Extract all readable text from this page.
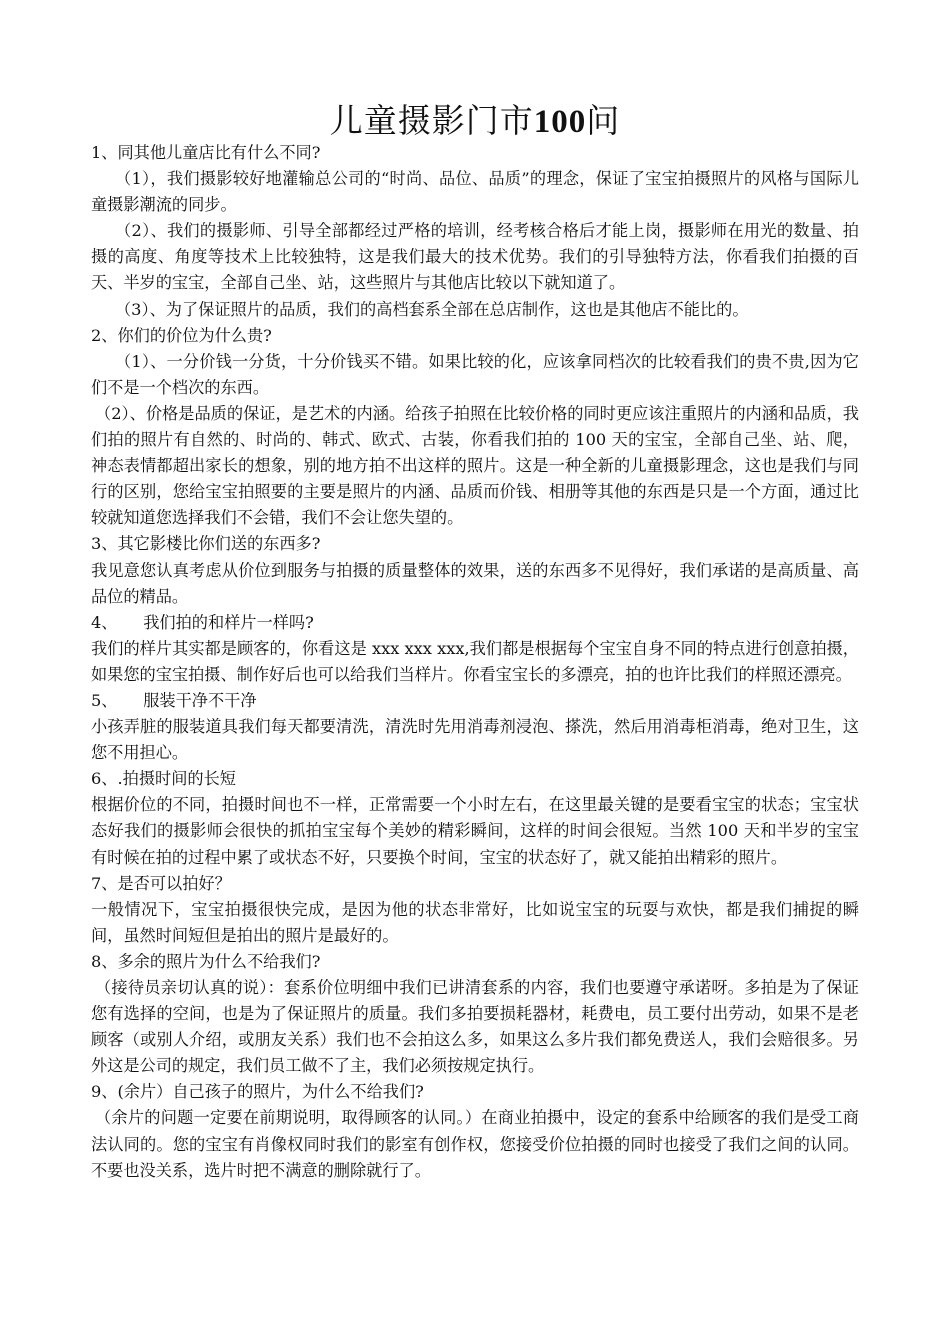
儿童摄影门市100问

1、同其他儿童店比有什么不同?

（1），我们摄影较好地灌输总公司的“时尚、品位、品质”的理念，保证了宝宝拍摄照片的风格与国际儿童摄影潮流的同步。

（2）、我们的摄影师、引导全部都经过严格的培训，经考核合格后才能上岗，摄影师在用光的数量、拍摄的高度、角度等技术上比较独特，这是我们最大的技术优势。我们的引导独特方法，你看我们拍摄的百天、半岁的宝宝，全部自己坐、站，这些照片与其他店比较以下就知道了。

（3）、为了保证照片的品质，我们的高档套系全部在总店制作，这也是其他店不能比的。

2、你们的价位为什么贵?

（1）、一分价钱一分货，十分价钱买不错。如果比较的化，应该拿同档次的比较看我们的贵不贵,因为它们不是一个档次的东西。

（2）、价格是品质的保证，是艺术的内涵。给孩子拍照在比较价格的同时更应该注重照片的内涵和品质，我们拍的照片有自然的、时尚的、韩式、欧式、古装，你看我们拍的 100 天的宝宝，全部自己坐、站、爬，神态表情都超出家长的想象，别的地方拍不出这样的照片。这是一种全新的儿童摄影理念，这也是我们与同行的区别，您给宝宝拍照要的主要是照片的内涵、品质而价钱、相册等其他的东西是只是一个方面，通过比较就知道您选择我们不会错，我们不会让您失望的。

3、其它影楼比你们送的东西多?

我见意您认真考虑从价位到服务与拍摄的质量整体的效果，送的东西多不见得好，我们承诺的是高质量、高品位的精品。

4、     我们拍的和样片一样吗?

我们的样片其实都是顾客的，你看这是 xxx xxx xxx,我们都是根据每个宝宝自身不同的特点进行创意拍摄，如果您的宝宝拍摄、制作好后也可以给我们当样片。你看宝宝长的多漂亮，拍的也许比我们的样照还漂亮。

5、     服装干净不干净

小孩弄脏的服装道具我们每天都要清洗，清洗时先用消毒剂浸泡、搽洗，然后用消毒柜消毒，绝对卫生，这您不用担心。

6、.拍摄时间的长短

根据价位的不同，拍摄时间也不一样，正常需要一个小时左右，在这里最关键的是要看宝宝的状态；宝宝状态好我们的摄影师会很快的抓拍宝宝每个美妙的精彩瞬间，这样的时间会很短。当然 100 天和半岁的宝宝有时候在拍的过程中累了或状态不好，只要换个时间，宝宝的状态好了，就又能拍出精彩的照片。

7、是否可以拍好？

一般情况下，宝宝拍摄很快完成，是因为他的状态非常好，比如说宝宝的玩耍与欢快，都是我们捕捉的瞬间，虽然时间短但是拍出的照片是最好的。

8、多余的照片为什么不给我们?

（接待员亲切认真的说）：套系价位明细中我们已讲清套系的内容，我们也要遵守承诺呀。多拍是为了保证您有选择的空间，也是为了保证照片的质量。我们多拍要损耗器材，耗费电，员工要付出劳动，如果不是老顾客（或别人介绍，或朋友关系）我们也不会拍这么多，如果这么多片我们都免费送人，我们会赔很多。另外这是公司的规定，我们员工做不了主，我们必须按规定执行。

9、(余片）自己孩子的照片，为什么不给我们?

（余片的问题一定要在前期说明，取得顾客的认同。）在商业拍摄中，设定的套系中给顾客的我们是受工商法认同的。您的宝宝有肖像权同时我们的影室有创作权，您接受价位拍摄的同时也接受了我们之间的认同。不要也没关系，选片时把不满意的删除就行了。
